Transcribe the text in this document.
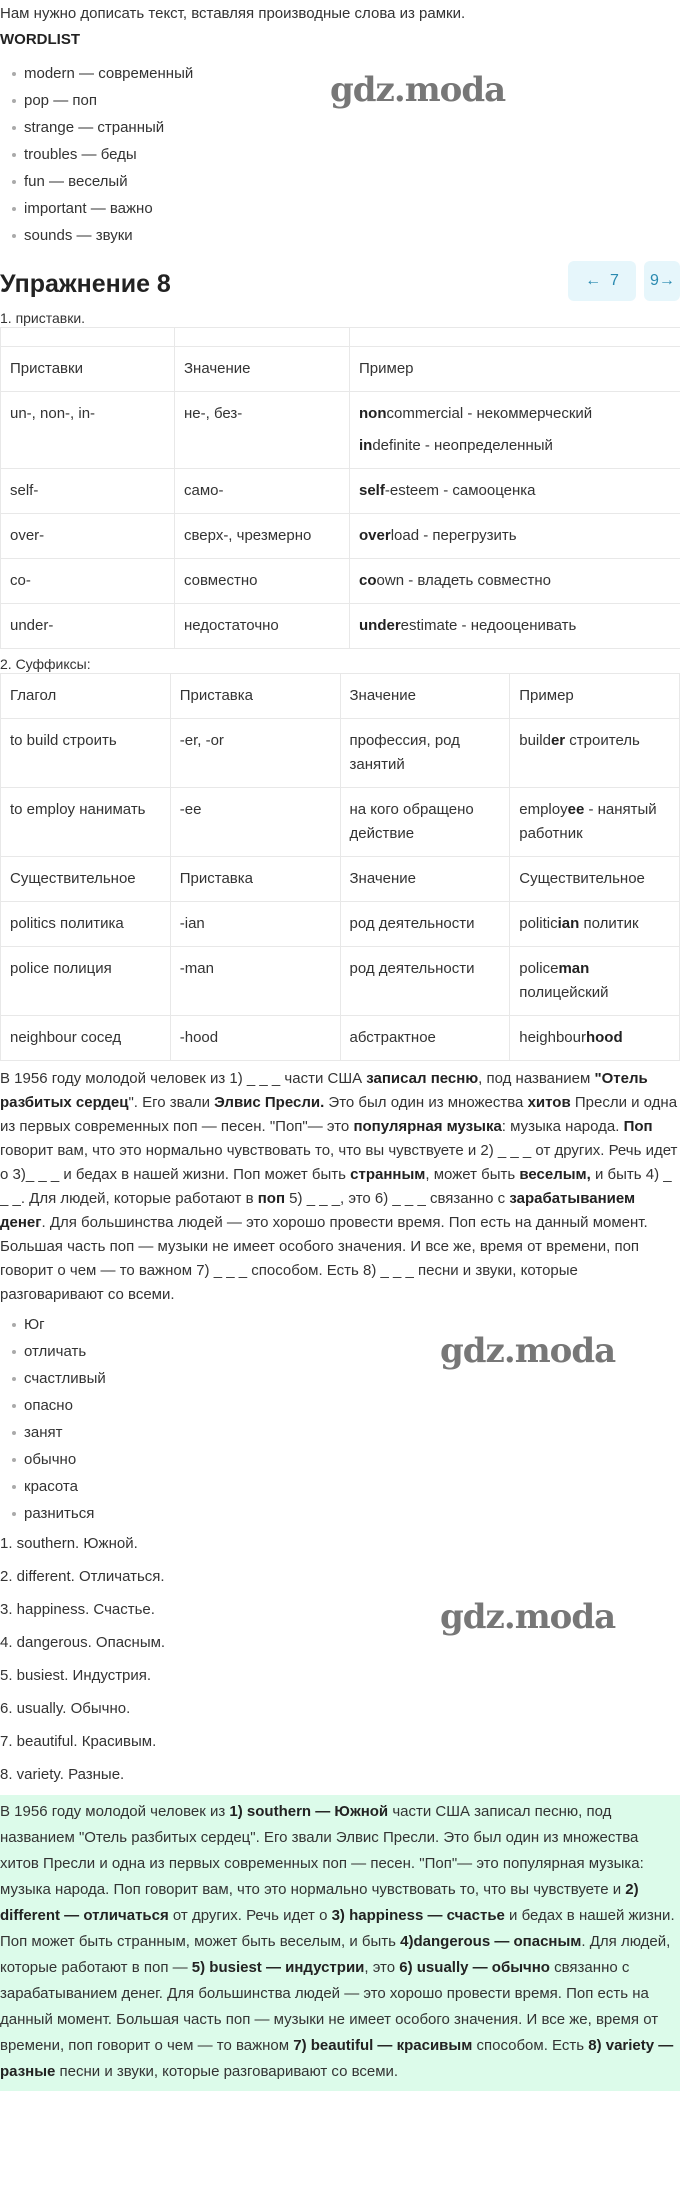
Нам нужно дописать текст, вставляя производные слова из рамки.
WORDLIST
modern — современный
pop — поп
strange — странный
troubles — беды
fun — веселый
important — важно
sounds — звуки
gdz.moda
Упражнение 8	← 7	9→
1. приставки.

Приставки	Значение	Пример
un-, non-, in-	не-, без-	noncommercial - некоммерческий
indefinite - неопределенный

self-	само-	self-esteem - самооценка
over-	сверх-, чрезмерно	overload - перегрузить
co-	совместно	coown - владеть совместно
under-	недостаточно	underestimate - недооценивать
2. Суффиксы:
Глагол	Приставка	Значение	Пример
to build строить	-er, -or	профессия, род занятий	builder строитель
to employ нанимать	-ee	на кого обращено действие	employee - нанятый работник
Существительное	Приставка	Значение	Существительное
politics политика	-ian	род деятельности	politician политик
police полиция	-man	род деятельности	policeman полицейский
neighbour сосед	-hood	абстрактное	heighbourhood
В 1956 году молодой человек из 1) _ _ _ части США записал песню, под названием "Отель разбитых сердец". Его звали Элвис Пресли. Это был один из множества хитов Пресли и одна из первых современных поп — песен. "Поп"— это популярная музыка: музыка народа. Поп говорит вам, что это нормально чувствовать то, что вы чувствуете и 2) _ _ _ от других. Речь идет о 3)_ _ _ и бедах в нашей жизни. Поп может быть странным, может быть веселым, и быть 4) _ _ _. Для людей, которые работают в поп 5) _ _ _, это 6) _ _ _ связанно с зарабатыванием денег. Для большинства людей — это хорошо провести время. Поп есть на данный момент. Большая часть поп — музыки не имеет особого значения. И все же, время от времени, поп говорит о чем — то важном 7) _ _ _ способом. Есть 8) _ _ _ песни и звуки, которые разговаривают со всеми.
Юг
отличать
счастливый
опасно
занят
обычно
красота
разниться
gdz.moda
1. southern. Южной.
2. different. Отличаться.
3. happiness. Счастье.
4. dangerous. Опасным.
5. busiest. Индустрия.
6. usually. Обычно.
7. beautiful. Красивым.
8. variety. Разные.
gdz.moda
В 1956 году молодой человек из 1) southern — Южной части США записал песню, под названием "Отель разбитых сердец". Его звали Элвис Пресли. Это был один из множества хитов Пресли и одна из первых современных поп — песен. "Поп"— это популярная музыка: музыка народа. Поп говорит вам, что это нормально чувствовать то, что вы чувствуете и 2) different — отличаться от других. Речь идет о 3) happiness — счастье и бедах в нашей жизни. Поп может быть странным, может быть веселым, и быть 4)dangerous — опасным. Для людей, которые работают в поп — 5) busiest — индустрии, это 6) usually — обычно связанно с зарабатыванием денег. Для большинства людей — это хорошо провести время. Поп есть на данный момент. Большая часть поп — музыки не имеет особого значения. И все же, время от времени, поп говорит о чем — то важном 7) beautiful — красивым способом. Есть 8) variety — разные песни и звуки, которые разговаривают со всеми.
